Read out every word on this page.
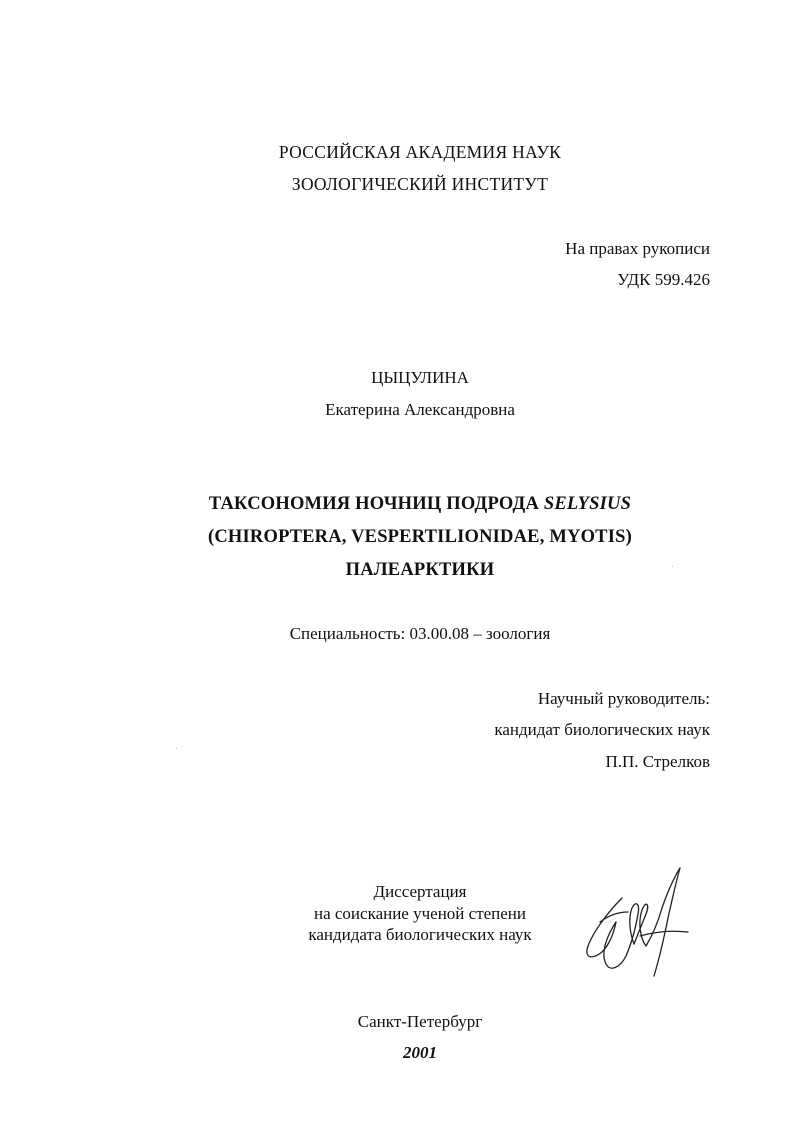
РОССИЙСКАЯ АКАДЕМИЯ НАУК
ЗООЛОГИЧЕСКИЙ ИНСТИТУТ
На правах рукописи
УДК 599.426
ЦЫЦУЛИНА
Екатерина Александровна
ТАКСОНОМИЯ НОЧНИЦ ПОДРОДА SELYSIUS
(CHIROPTERA, VESPERTILIONIDAE, MYOTIS)
ПАЛЕАРКТИКИ
Специальность: 03.00.08 – зоология
Научный руководитель:
кандидат биологических наук
П.П. Стрелков
Диссертация
на соискание ученой степени
кандидата биологических наук
Санкт-Петербург
2001
